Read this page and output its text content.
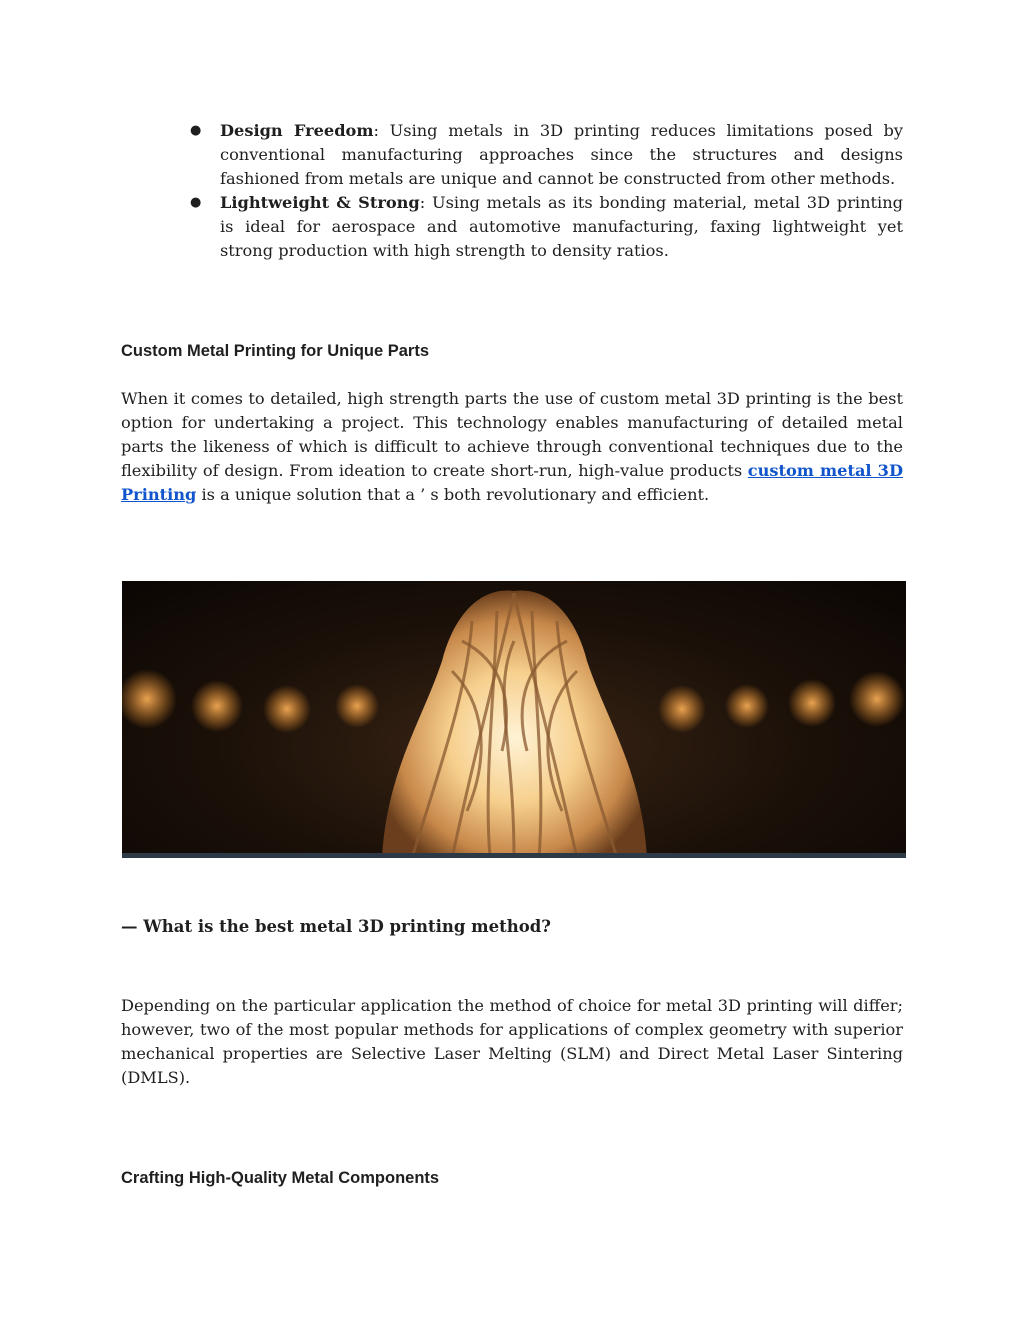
● Design Freedom: Using metals in 3D printing reduces limitations posed by conventional manufacturing approaches since the structures and designs fashioned from metals are unique and cannot be constructed from other methods.
● Lightweight & Strong: Using metals as its bonding material, metal 3D printing is ideal for aerospace and automotive manufacturing, faxing lightweight yet strong production with high strength to density ratios.
Custom Metal Printing for Unique Parts

When it comes to detailed, high strength parts the use of custom metal 3D printing is the best option for undertaking a project. This technology enables manufacturing of detailed metal parts the likeness of which is difficult to achieve through conventional techniques due to the flexibility of design. From ideation to create short-run, high-value products custom metal 3D Printing is a unique solution that a ’ s both revolutionary and efficient.

— What is the best metal 3D printing method?

Depending on the particular application the method of choice for metal 3D printing will differ; however, two of the most popular methods for applications of complex geometry with superior mechanical properties are Selective Laser Melting (SLM) and Direct Metal Laser Sintering (DMLS).

Crafting High-Quality Metal Components
